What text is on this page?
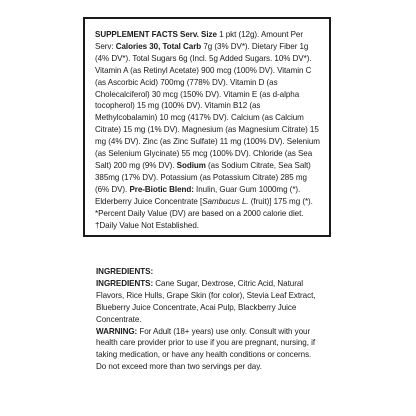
SUPPLEMENT FACTS Serv. Size 1 pkt (12g). Amount Per Serv: Calories 30, Total Carb 7g (3% DV*). Dietary Fiber 1g (4% DV*). Total Sugars 6g (Incl. 5g Added Sugars. 10% DV*). Vitamin A (as Retinyl Acetate) 900 mcg (100% DV). Vitamin C (as Ascorbic Acid) 700mg (778% DV). Vitamin D (as Cholecalciferol) 30 mcg (150% DV). Vitamin E (as d-alpha tocopherol) 15 mg (100% DV). Vitamin B12 (as Methylcobalamin) 10 mcg (417% DV). Calcium (as Calcium Citrate) 15 mg (1% DV). Magnesium (as Magnesium Citrate) 15 mg (4% DV). Zinc (as Zinc Sulfate) 11 mg (100% DV). Selenium (as Selenium Glycinate) 55 mcg (100% DV). Chloride (as Sea Salt) 200 mg (9% DV). Sodium (as Sodium Citrate, Sea Salt) 385mg (17% DV). Potassium (as Potassium Citrate) 285 mg (6% DV). Pre-Biotic Blend: Inulin, Guar Gum 1000mg (*). Elderberry Juice Concentrate [Sambucus L. (fruit)] 175 mg (*). *Percent Daily Value (DV) are based on a 2000 calorie diet. †Daily Value Not Established.

INGREDIENTS:

INGREDIENTS: Cane Sugar, Dextrose, Citric Acid, Natural Flavors, Rice Hulls, Grape Skin (for color), Stevia Leaf Extract, Blueberry Juice Concentrate, Acai Pulp, Blackberry Juice Concentrate.

WARNING: For Adult (18+ years) use only. Consult with your health care provider prior to use if you are pregnant, nursing, if taking medication, or have any health conditions or concerns.

Do not exceed more than two servings per day.
